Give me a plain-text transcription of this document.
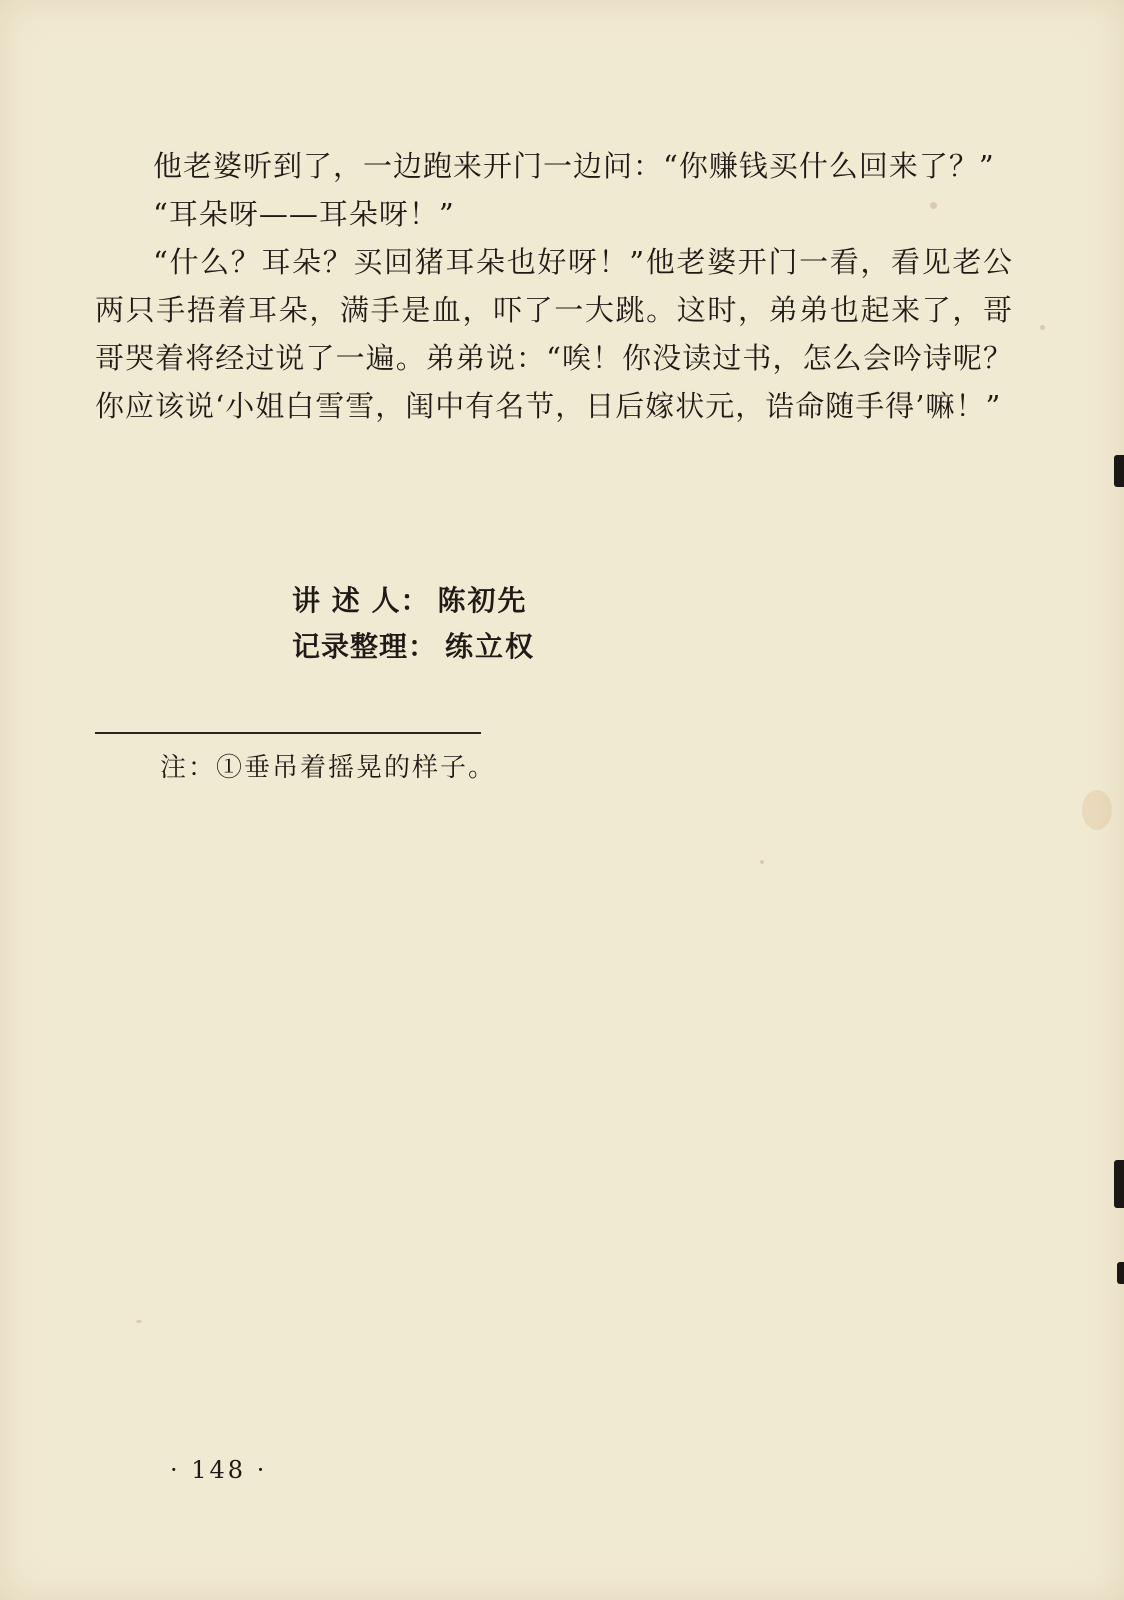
他老婆听到了，一边跑来开门一边问：“你赚钱买什么回来了？”

“耳朵呀——耳朵呀！”

“什么？耳朵？买回猪耳朵也好呀！”他老婆开门一看，看见老公两只手捂着耳朵，满手是血，吓了一大跳。这时，弟弟也起来了，哥哥哭着将经过说了一遍。弟弟说：“唉！你没读过书，怎么会吟诗呢？你应该说‘小姐白雪雪，闺中有名节，日后嫁状元，诰命随手得’嘛！”

讲 述 人： 陈初先
记录整理： 练立权
注：①垂吊着摇晃的样子。
· 148 ·
